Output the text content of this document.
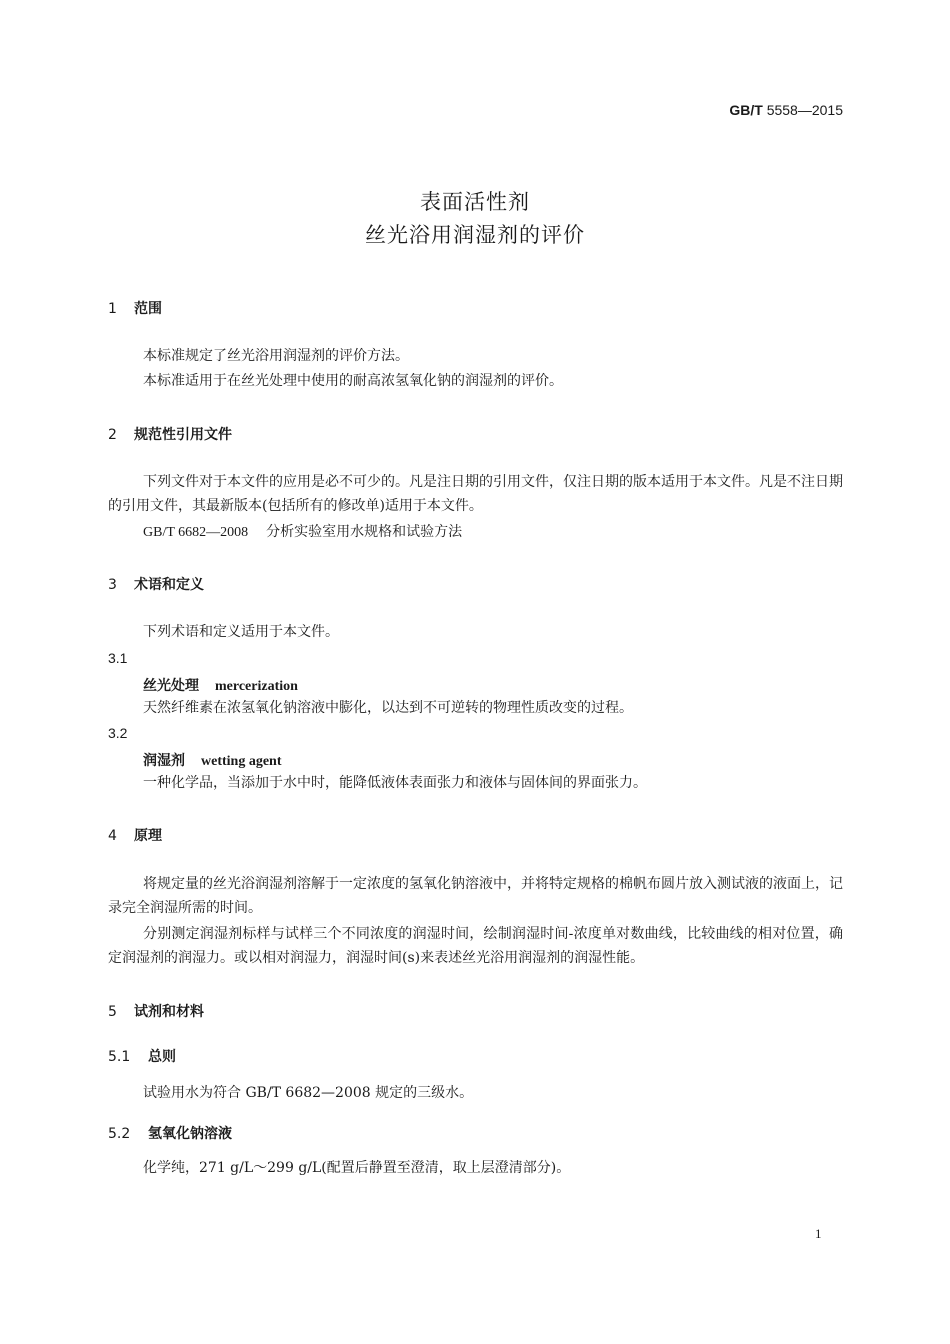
GB/T 5558—2015
表面活性剂
丝光浴用润湿剂的评价
1 范围
本标准规定了丝光浴用润湿剂的评价方法。
本标准适用于在丝光处理中使用的耐高浓氢氧化钠的润湿剂的评价。
2 规范性引用文件
下列文件对于本文件的应用是必不可少的。凡是注日期的引用文件，仅注日期的版本适用于本文件。凡是不注日期的引用文件，其最新版本(包括所有的修改单)适用于本文件。
GB/T 6682—2008 分析实验室用水规格和试验方法
3 术语和定义
下列术语和定义适用于本文件。
3.1
丝光处理 mercerization
天然纤维素在浓氢氧化钠溶液中膨化，以达到不可逆转的物理性质改变的过程。
3.2
润湿剂 wetting agent
一种化学品，当添加于水中时，能降低液体表面张力和液体与固体间的界面张力。
4 原理
将规定量的丝光浴润湿剂溶解于一定浓度的氢氧化钠溶液中，并将特定规格的棉帆布圆片放入测试液的液面上，记录完全润湿所需的时间。
分别测定润湿剂标样与试样三个不同浓度的润湿时间，绘制润湿时间-浓度单对数曲线，比较曲线的相对位置，确定润湿剂的润湿力。或以相对润湿力，润湿时间(s)来表述丝光浴用润湿剂的润湿性能。
5 试剂和材料
5.1 总则
试验用水为符合 GB/T 6682—2008 规定的三级水。
5.2 氢氧化钠溶液
化学纯，271 g/L～299 g/L(配置后静置至澄清，取上层澄清部分)。
1
